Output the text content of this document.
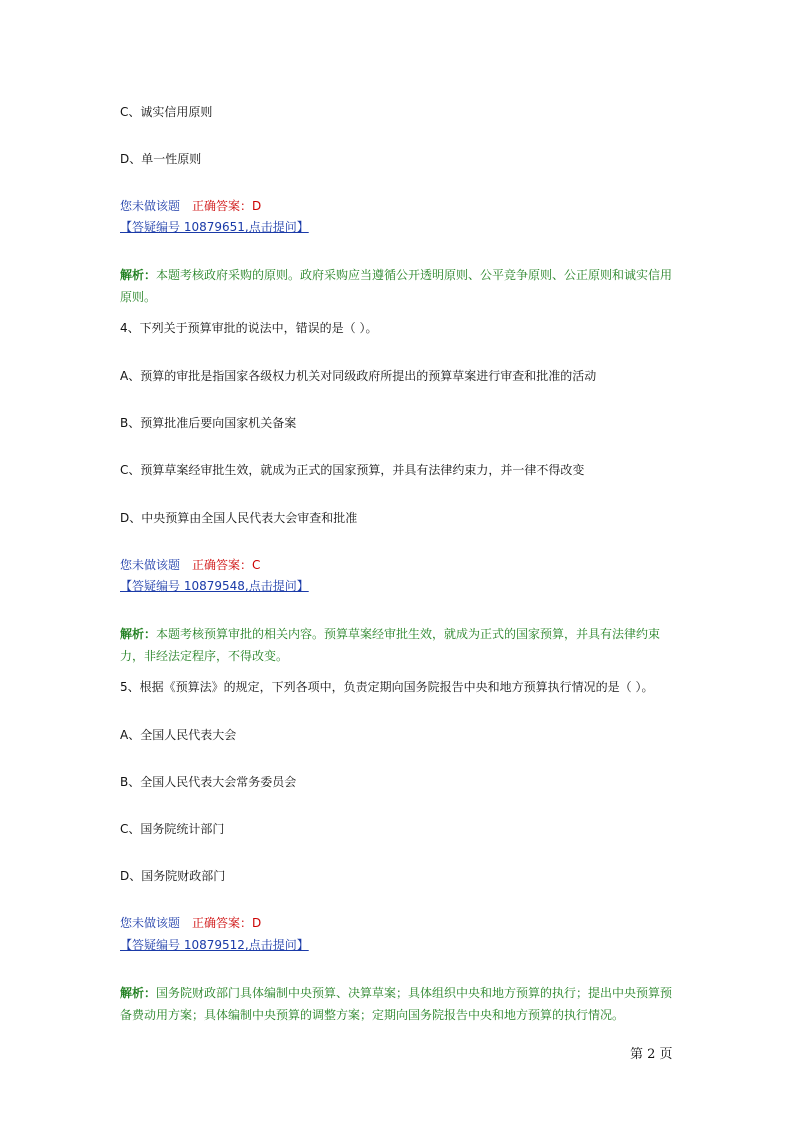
C、诚实信用原则
D、单一性原则
您未做该题 正确答案：D
【答疑编号 10879651,点击提问】
解析：本题考核政府采购的原则。政府采购应当遵循公开透明原则、公平竞争原则、公正原则和诚实信用原则。
4、下列关于预算审批的说法中，错误的是（ ）。
A、预算的审批是指国家各级权力机关对同级政府所提出的预算草案进行审查和批准的活动
B、预算批准后要向国家机关备案
C、预算草案经审批生效，就成为正式的国家预算，并具有法律约束力，并一律不得改变
D、中央预算由全国人民代表大会审查和批准
您未做该题 正确答案：C
【答疑编号 10879548,点击提问】
解析：本题考核预算审批的相关内容。预算草案经审批生效，就成为正式的国家预算，并具有法律约束力，非经法定程序，不得改变。
5、根据《预算法》的规定，下列各项中，负责定期向国务院报告中央和地方预算执行情况的是（ ）。
A、全国人民代表大会
B、全国人民代表大会常务委员会
C、国务院统计部门
D、国务院财政部门
您未做该题 正确答案：D
【答疑编号 10879512,点击提问】
解析：国务院财政部门具体编制中央预算、决算草案；具体组织中央和地方预算的执行；提出中央预算预备费动用方案；具体编制中央预算的调整方案；定期向国务院报告中央和地方预算的执行情况。
第 2 页
